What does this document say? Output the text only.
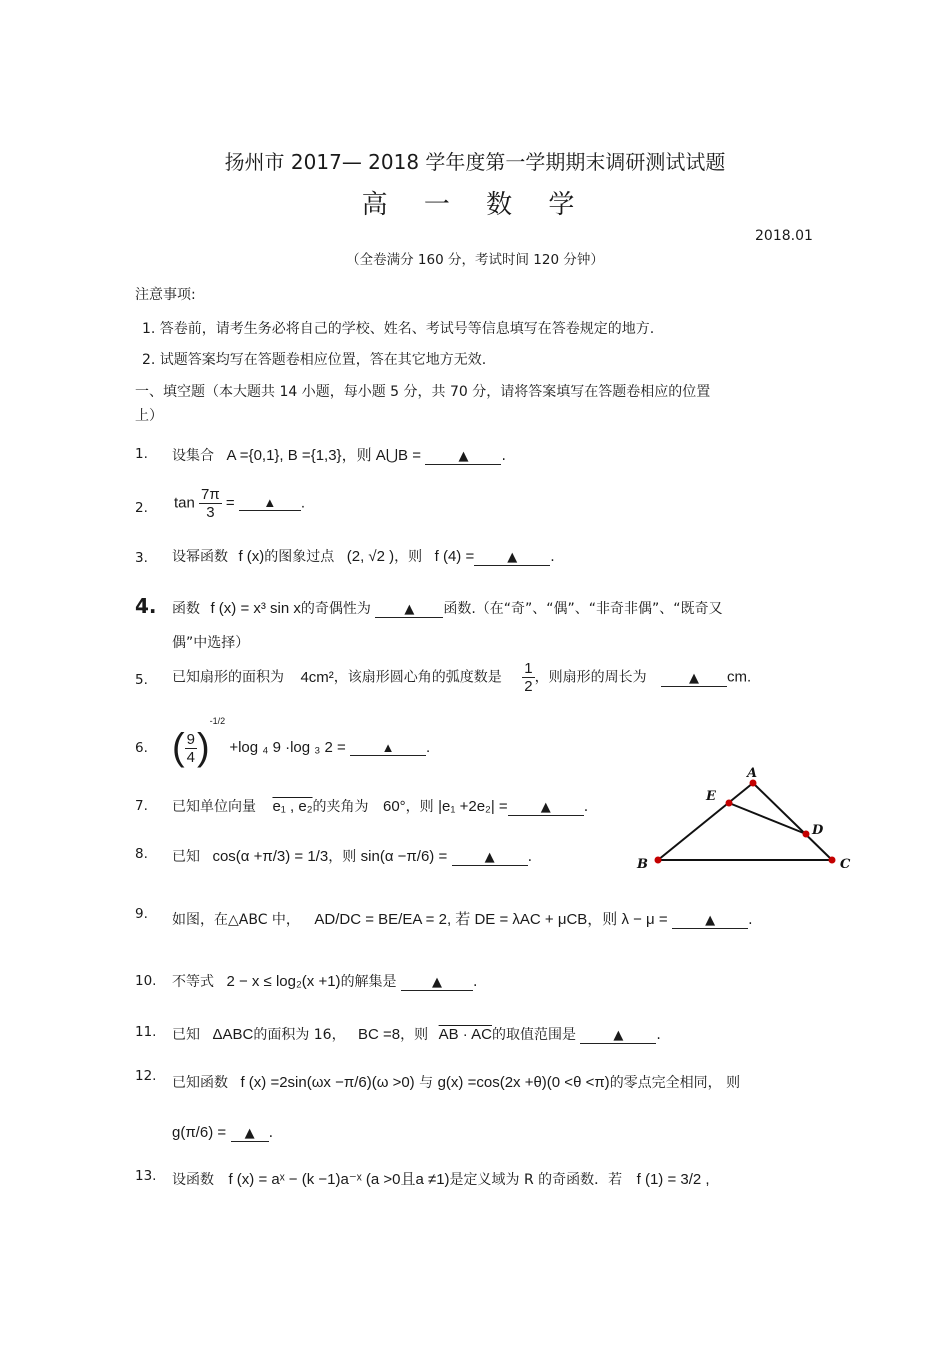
扬州市 2017— 2018 学年度第一学期期末调研测试试题
高 一 数 学
2018.01
（全卷满分 160 分，考试时间 120 分钟）
注意事项:
1. 答卷前，请考生务必将自己的学校、姓名、考试号等信息填写在答卷规定的地方.
2. 试题答案均写在答题卷相应位置，答在其它地方无效.
一、填空题（本大题共 14 小题，每小题 5 分，共 70 分，请将答案填写在答题卷相应的位置
上）
1. 设集合 A ={0,1}, B ={1,3}，则 A⋃B =	▲ .
2. $\tan \frac{7\pi}{3}$ = ▲ .
3. 设幂函数 f (x)的图象过点 (2, √2 )，则 f (4) =	▲ .
4. 函数 f (x) = x³ sin x的奇偶性为	▲ 函数.（在“奇”、“偶”、“非奇非偶”、“既奇又
偶”中选择）
5. 已知扇形的面积为 4cm²，该扇形圆心角的弧度数是 $\frac{1}{2}$ ，则扇形的周长为	▲ cm.
6. ( $\frac{9}{4} )^{-1/2} +\log$ ₄ 9 ·log ₃ 2 =	▲ .
7. 已知单位向量 e₁ , e₂的夹角为 60°，则 |e₁ +2e₂| =	▲ .
8. 已知 cos(α +π/3) = 1/3，则 sin(α −π/6) =	▲ .
9. 如图，在△ABC 中， AD/DC = BE/EA = 2, 若 DE = λAC + μCB，则 λ − μ =	▲ .
10. 不等式 2 − x ≤ log₂(x +1)的解集是	▲ .
11. 已知 ΔABC的面积为 16， BC =8，则 AB · AC的取值范围是	▲ .
12. 已知函数 f (x) =2sin(ωx −π/6)(ω >0) 与 g(x) =cos(2x +θ)(0 <θ <π)的零点完全相同， 则
g(π/6) = ▲ .
13. 设函数 f (x) = aˣ − (k −1)a⁻ˣ (a >0且a ≠1)是定义域为 R 的奇函数．若 f (1) = 3/2 ,
A
E
D
B	C
